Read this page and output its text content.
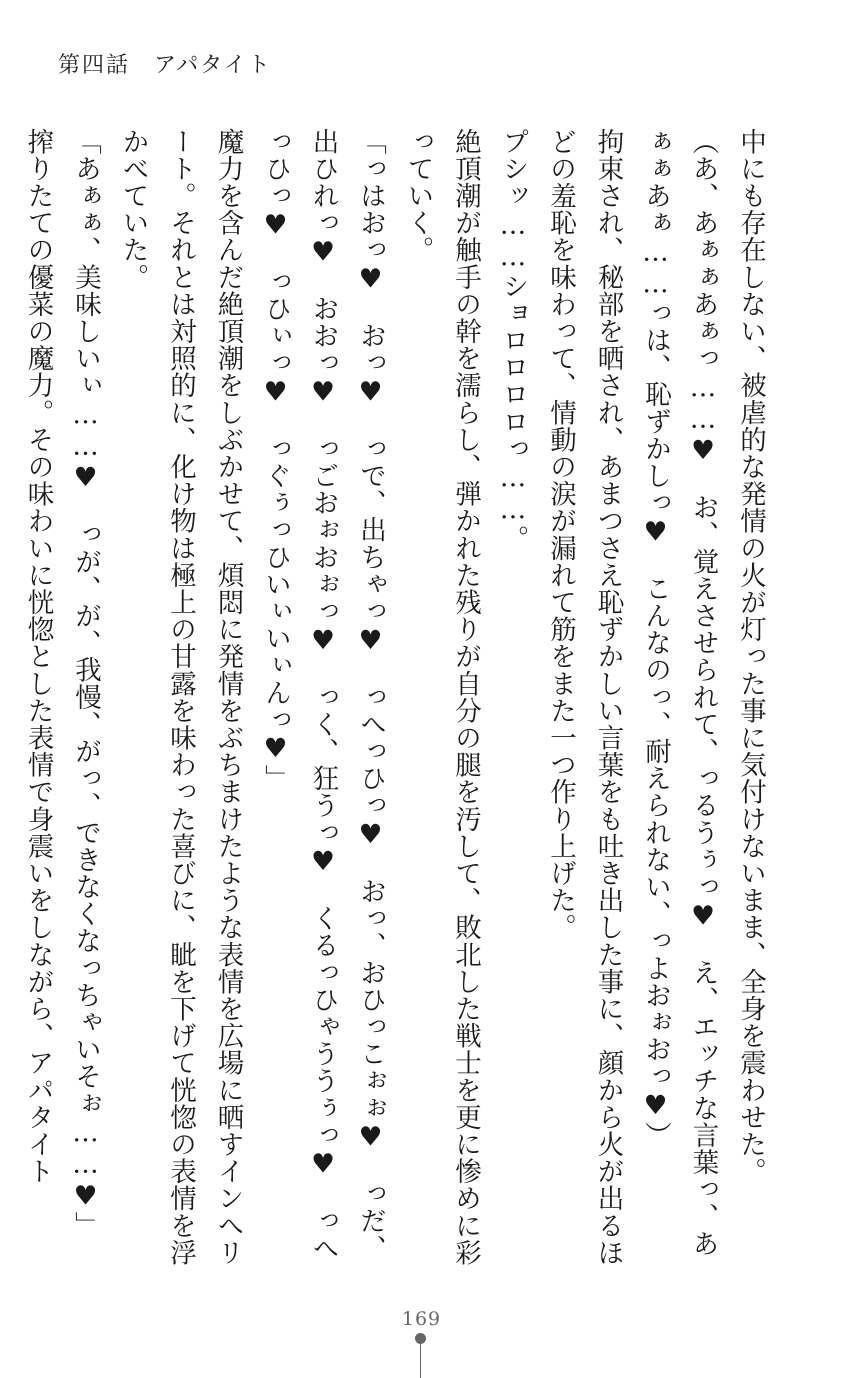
第四話　アパタイト

中にも存在しない、被虐的な発情の火が灯った事に気付けないまま、全身を震わせた。

（あ、あぁぁあぁっ……♥　お、覚えさせられて、っるうぅっ♥　え、エッチな言葉っ、あぁぁあぁ……っは、恥ずかしっ♥　こんなのっ、耐えられない、っよおぉおっ♥）

拘束され、秘部を晒され、あまつさえ恥ずかしい言葉をも吐き出した事に、顔から火が出るほどの羞恥を味わって、情動の涙が漏れて筋をまた一つ作り上げた。

プシッ……ショロロロロっ……。

絶頂潮が触手の幹を濡らし、弾かれた残りが自分の腿を汚して、敗北した戦士を更に惨めに彩っていく。

「っはおっ♥　おっ♥　っで、出ちゃっ♥　っへっひっ♥　おっ、おひっこぉぉ♥　っだ、出ひれっ♥　おおっ♥　っごおぉおぉっ♥　っく、狂うっ♥　くるっひゃううぅっ♥　っへっひっ♥　っひぃっ♥　っぐぅっひいぃいぃんっ♥」

魔力を含んだ絶頂潮をしぶかせて、煩悶に発情をぶちまけたような表情を広場に晒すインへリート。それとは対照的に、化け物は極上の甘露を味わった喜びに、眦を下げて恍惚の表情を浮かべていた。

「あぁぁ、美味しいぃ……♥　っが、が、我慢、がっ、できなくなっちゃいそぉ……♥」

搾りたての優菜の魔力。その味わいに恍惚とした表情で身震いをしながら、アパタイト

169
